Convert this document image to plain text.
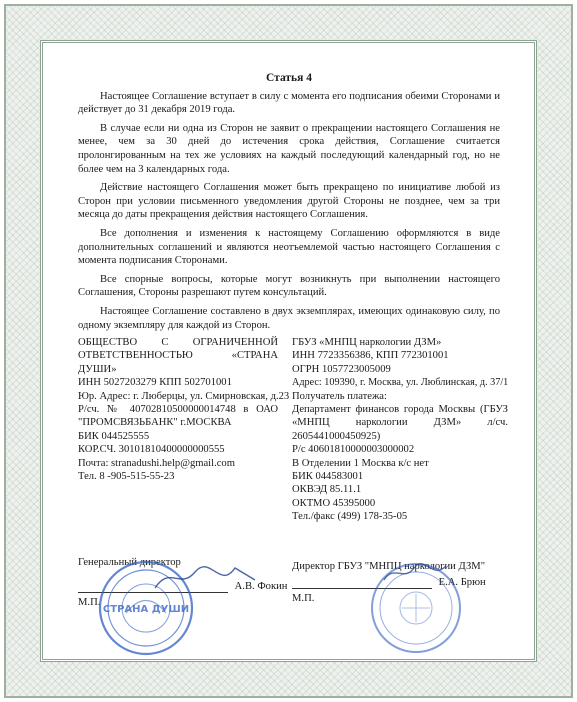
Статья 4

Настоящее Соглашение вступает в силу с момента его подписания обеими Сторонами и действует до 31 декабря 2019 года.

В случае если ни одна из Сторон не заявит о прекращении настоящего Соглашения не менее, чем за 30 дней до истечения срока действия, Соглашение считается пролонгированным на тех же условиях на каждый последующий календарный год, но не более чем на 3 календарных года.

Действие настоящего Соглашения может быть прекращено по инициативе любой из Сторон при условии письменного уведомления другой Стороны не позднее, чем за три месяца до даты прекращения действия настоящего Соглашения.

Все дополнения и изменения к настоящему Соглашению оформляются в виде дополнительных соглашений и являются неотъемлемой частью настоящего Соглашения с момента подписания Сторонами.

Все спорные вопросы, которые могут возникнуть при выполнении настоящего Соглашения, Стороны разрешают путем консультаций.

Настоящее Соглашение составлено в двух экземплярах, имеющих одинаковую силу, по одному экземпляру для каждой из Сторон.

ОБЩЕСТВО С ОГРАНИЧЕННОЙ ОТВЕТСТВЕННОСТЬЮ «СТРАНА ДУШИ»
ИНН 5027203279 КПП 502701001
Юр. Адрес: г. Люберцы, ул. Смирновская, д.23
Р/сч. № 40702810500000014748 в ОАО "ПРОМСВЯЗЬБАНК" г.МОСКВА
БИК 044525555
КОР.СЧ. 30101810400000000555
Почта: stranadushi.help@gmail.com
Тел. 8 -905-515-55-23
ГБУЗ «МНПЦ наркологии ДЗМ»
ИНН 7723356386, КПП 772301001
ОГРН 1057723005009
Адрес: 109390, г. Москва, ул. Люблинская, д. 37/1
Получатель платежа:
Департамент финансов города Москвы (ГБУЗ «МНПЦ наркологии ДЗМ» л/сч. 2605441000450925)
Р/с 40601810000003000002
В Отделении 1 Москва к/с нет
БИК 044583001
ОКВЭД 85.11.1
ОКТМО 45395000
Тел./факс (499) 178-35-05
Генеральный директор
А.В. Фокин
М.П.
Директор ГБУЗ "МНПЦ наркологии ДЗМ"
Е.А. Брюн
М.П.
СТРАНА ДУШИ
